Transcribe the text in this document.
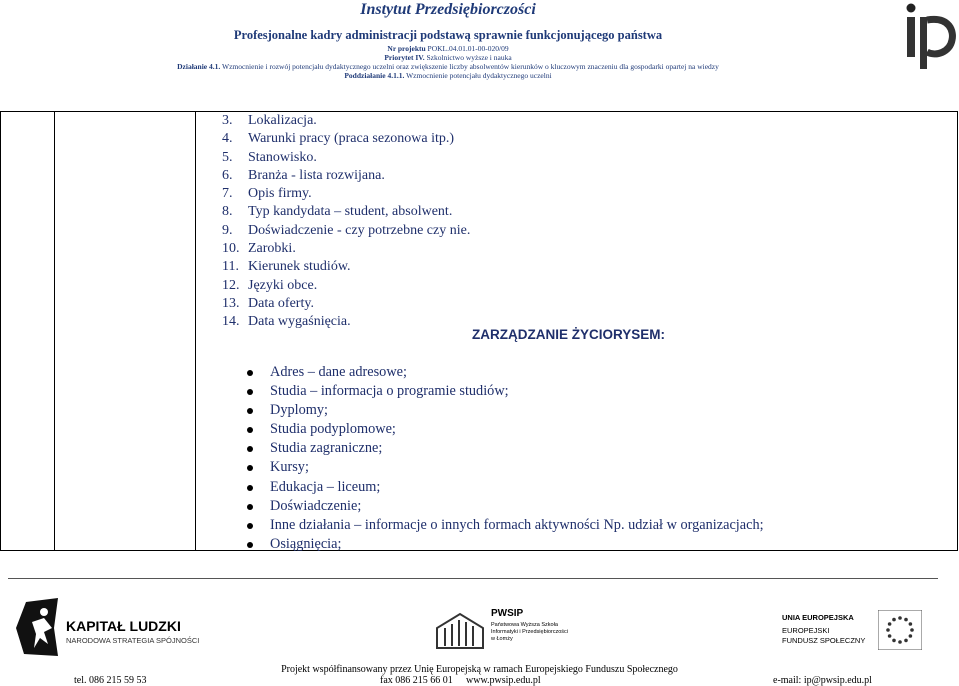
Instytut Przedsiębiorczości
Profesjonalne kadry administracji podstawą sprawnie funkcjonującego państwa
Nr projektu POKL.04.01.01-00-020/09
Priorytet IV. Szkolnictwo wyższe i nauka
Działanie 4.1. Wzmocnienie i rozwój potencjału dydaktycznego uczelni oraz zwiększenie liczby absolwentów kierunków o kluczowym znaczeniu dla gospodarki opartej na wiedzy
Poddziałanie 4.1.1. Wzmocnienie potencjału dydaktycznego uczelni
3. Lokalizacja.
4. Warunki pracy (praca sezonowa itp.)
5. Stanowisko.
6. Branża - lista rozwijana.
7. Opis firmy.
8. Typ kandydata – student, absolwent.
9. Doświadczenie - czy potrzebne czy nie.
10. Zarobki.
11. Kierunek studiów.
12. Języki obce.
13. Data oferty.
14. Data wygaśnięcia.
ZARZĄDZANIE ŻYCIORYSEM:
Adres – dane adresowe;
Studia – informacja o programie studiów;
Dyplomy;
Studia podyplomowe;
Studia zagraniczne;
Kursy;
Edukacja – liceum;
Doświadczenie;
Inne działania – informacje o innych formach aktywności Np. udział w organizacjach;
Osiągnięcia;
KAPITAŁ LUDZKI
NARODOWA STRATEGIA SPÓJNOŚCI
PWSIP
Państwowa Wyższa Szkoła
Informatyki i Przedsiębiorczości
w Łomży
UNIA EUROPEJSKA
EUROPEJSKI
FUNDUSZ SPOŁECZNY
Projekt współfinansowany przez Unię Europejską w ramach Europejskiego Funduszu Społecznego
tel. 086 215 59 53	fax 086 215 66 01 www.pwsip.edu.pl	e-mail: ip@pwsip.edu.pl
